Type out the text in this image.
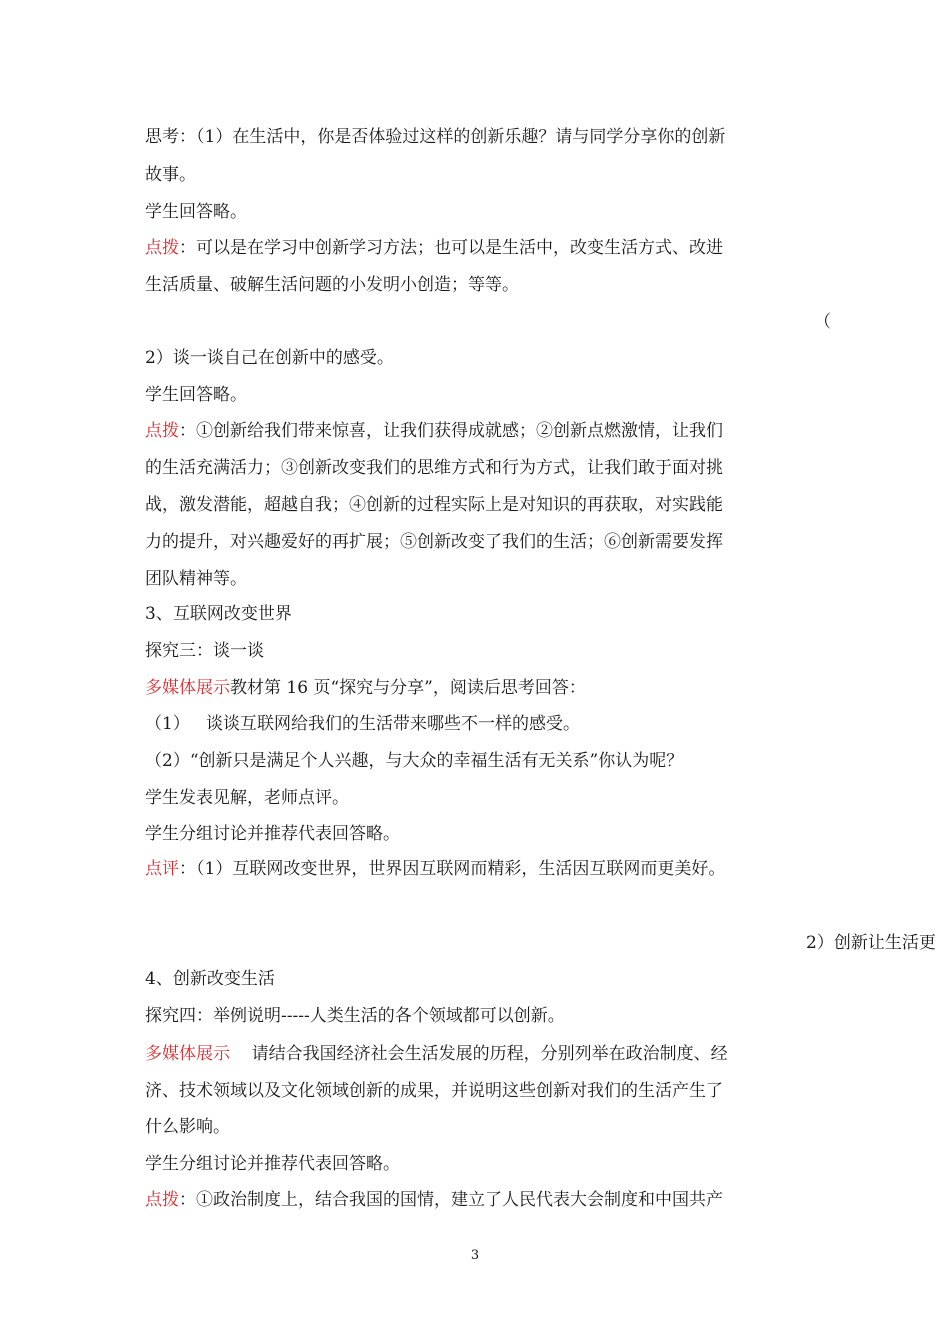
思考：（1）在生活中，你是否体验过这样的创新乐趣？请与同学分享你的创新
故事。
学生回答略。
点拨：可以是在学习中创新学习方法；也可以是生活中，改变生活方式、改进
生活质量、破解生活问题的小发明小创造；等等。
（
2）谈一谈自己在创新中的感受。
学生回答略。
点拨：①创新给我们带来惊喜，让我们获得成就感；②创新点燃激情，让我们
的生活充满活力；③创新改变我们的思维方式和行为方式，让我们敢于面对挑
战，激发潜能，超越自我；④创新的过程实际上是对知识的再获取，对实践能
力的提升，对兴趣爱好的再扩展；⑤创新改变了我们的生活；⑥创新需要发挥
团队精神等。
3、互联网改变世界
探究三：谈一谈
多媒体展示教材第 16 页“探究与分享”，阅读后思考回答：
（1）   谈谈互联网给我们的生活带来哪些不一样的感受。
（2）“创新只是满足个人兴趣，与大众的幸福生活有无关系”你认为呢？
学生发表见解，老师点评。
学生分组讨论并推荐代表回答略。
点评：（1）互联网改变世界，世界因互联网而精彩，生活因互联网而更美好。
2）创新让生活更
4、创新改变生活
探究四：举例说明-----人类生活的各个领域都可以创新。
多媒体展示    请结合我国经济社会生活发展的历程，分别列举在政治制度、经
济、技术领域以及文化领域创新的成果，并说明这些创新对我们的生活产生了
什么影响。
学生分组讨论并推荐代表回答略。
点拨：①政治制度上，结合我国的国情，建立了人民代表大会制度和中国共产
3
